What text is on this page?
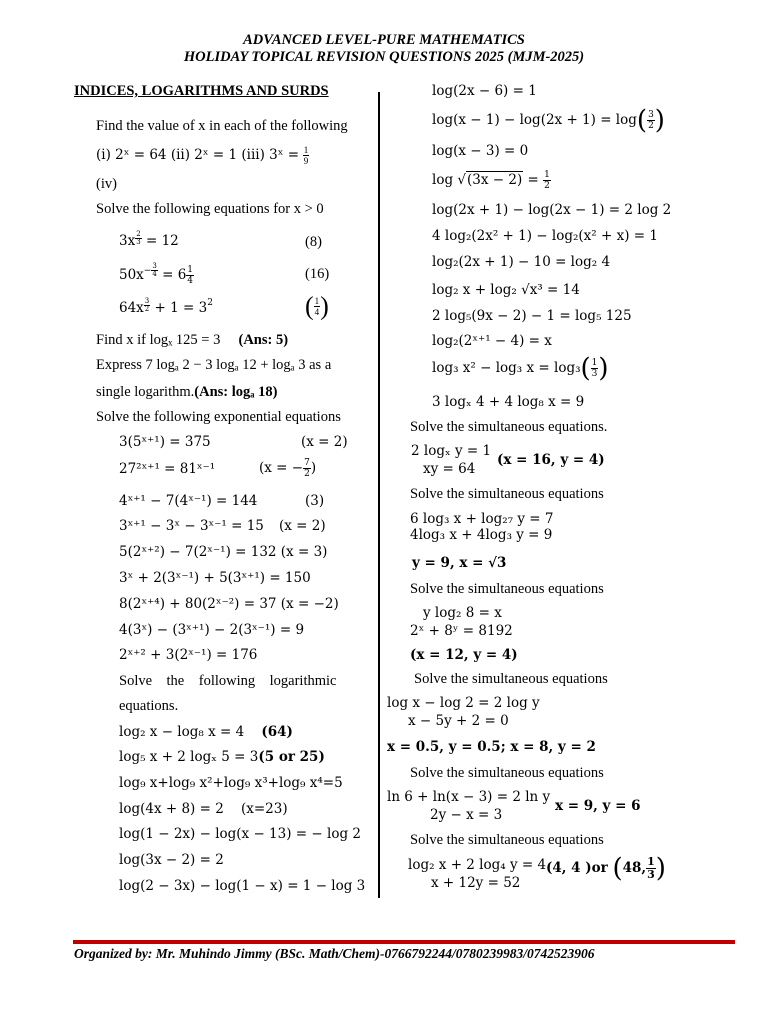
ADVANCED LEVEL-PURE MATHEMATICS
HOLIDAY TOPICAL REVISION QUESTIONS 2025 (MJM-2025)
INDICES, LOGARITHMS AND SURDS
Find the value of x in each of the following
(i) 2ˣ = 64 (ii) 2ˣ = 1 (iii) 3ˣ = $\frac{1}{9}$
(iv)
Solve the following equations for x > 0
3x $^{\frac{2}{3}}$ = 12	(8)
$50x^{- \frac{3}{4}} = 6 \frac{1}{4}$	(16)
64x $^{\frac{3}{2}} + 1 = 3^2$	( $\frac{1}{4}$ )
Find x if logₓ 125 = 3 (Ans: 5)
Express 7 logₐ 2 − 3 logₐ 12 + logₐ 3 as a
single logarithm.(Ans: logₐ 18)
Solve the following exponential equations
3(5ˣ⁺¹) = 375	(x = 2)
27²ˣ⁺¹ = 81ˣ⁻¹	(x = − $\frac{7}{2}$ )
4ˣ⁺¹ − 7(4ˣ⁻¹) = 144	(3)
3ˣ⁺¹ − 3ˣ − 3ˣ⁻¹ = 15 (x = 2)
5(2ˣ⁺²) − 7(2ˣ⁻¹) = 132 (x = 3)
3ˣ + 2(3ˣ⁻¹) + 5(3ˣ⁺¹) = 150
8(2ˣ⁺⁴) + 80(2ˣ⁻²) = 37 (x = −2)
4(3ˣ) − (3ˣ⁺¹) − 2(3ˣ⁻¹) = 9
2ˣ⁺² + 3(2ˣ⁻¹) = 176
Solve    the    following    logarithmic
equations.
log₂ x − log₈ x = 4 (64)
log₅ x + 2 logₓ 5 = 3(5 or 25)
log₉ x+log₉ x²+log₉ x³+log₉ x⁴=5
log(4x + 8) = 2 (x=23)
log(1 − 2x) − log(x − 13) = − log 2
log(3x − 2) = 2
log(2 − 3x) − log(1 − x) = 1 − log 3
log(2x − 6) = 1
$\log(x - 1) - \log(2x + 1) = \log( \frac{3}{2}$ )
log(x − 3) = 0
$\log √(3x - 2) = \frac{1}{2}$
log(2x + 1) − log(2x − 1) = 2 log 2
4 log₂(2x² + 1) − log₂(x² + x) = 1
log₂(2x + 1) − 10 = log₂ 4
log₂ x + log₂ √x³ = 14
2 log₅(9x − 2) − 1 = log₅ 125
log₂(2ˣ⁺¹ − 4) = x
log₃ x² − log₃ $x = \log_3( \frac{1}{3}$ )
3 logₓ 4 + 4 log₈ x = 9
Solve the simultaneous equations.
2 logₓ y = 1
xy = 64
(x = 16, y = 4)
Solve the simultaneous equations
6 log₃ x + log₂₇ y = 7
4log₃ x + 4log₃ y = 9
y = 9, x = √3
Solve the simultaneous equations
y log₂ 8 = x
2ˣ + 8ʸ = 8192
(x = 12, y = 4)
Solve the simultaneous equations
log x − log 2 = 2 log y
x − 5y + 2 = 0
x = 0.5, y = 0.5; x = 8, y = 2
Solve the simultaneous equations
ln 6 + ln(x − 3) = 2 ln y
2y − x = 3
x = 9, y = 6
Solve the simultaneous equations
log₂ x + 2 log₄ y = 4
x + 12y = 52
(4, 4 )or (48, $\frac{1}{3}$ )
Organized by: Mr. Muhindo Jimmy (BSc. Math/Chem)-0766792244/0780239983/0742523906
